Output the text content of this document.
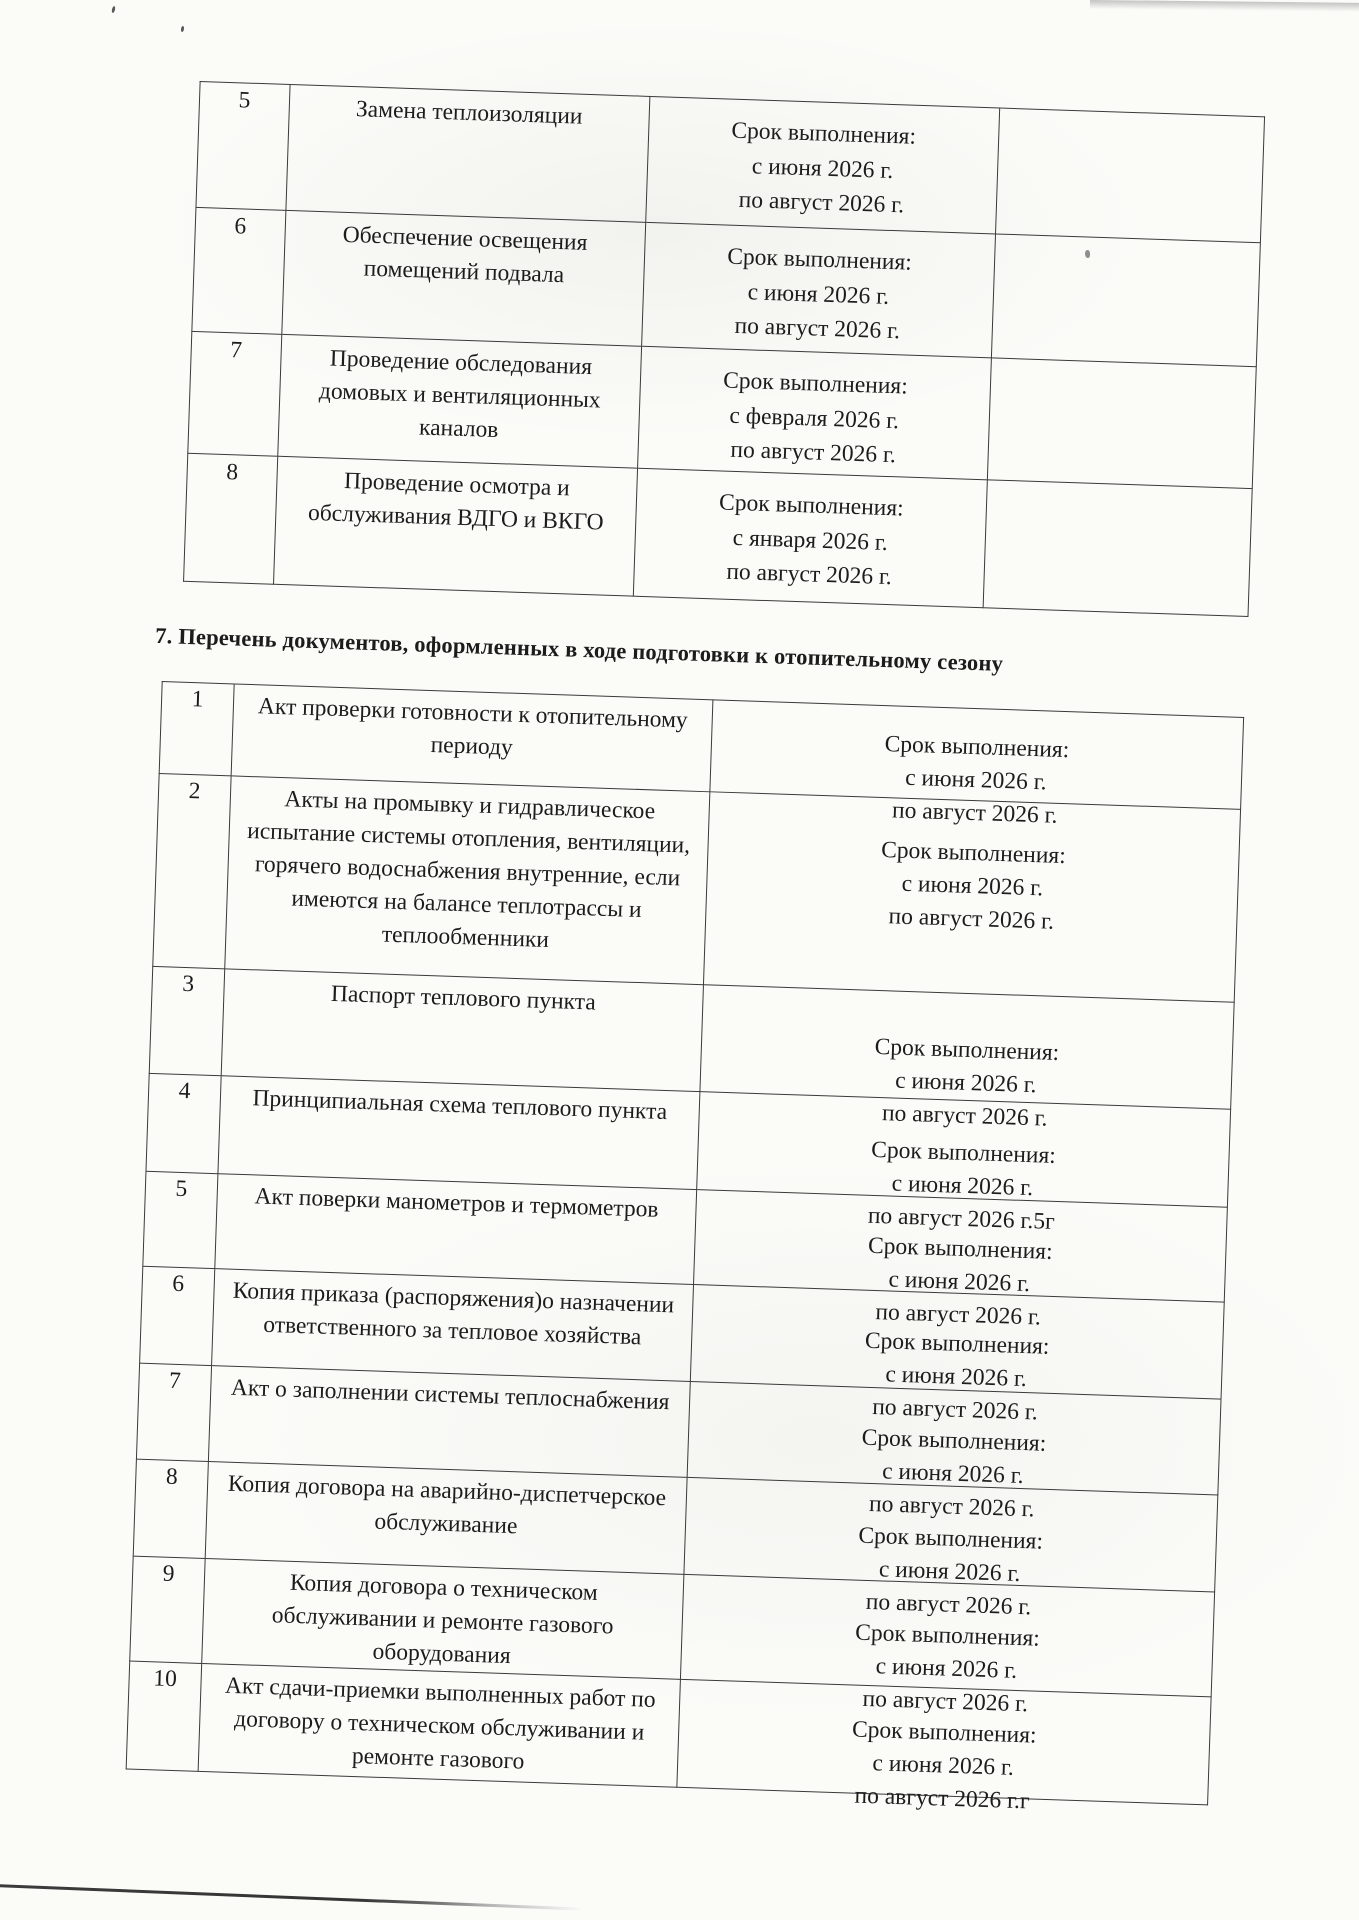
5	Замена теплоизоляции	Срок выполнения:
с июня 2026 г.
по август 2026 г.	

6	Обеспечение освещения помещений подвала	Срок выполнения:
с июня 2026 г.
по август 2026 г.	

7	Проведение обследования домовых и вентиляционных каналов	Срок выполнения:
с февраля 2026 г.
по август 2026 г.	

8	Проведение осмотра и обслуживания ВДГО и ВКГО	Срок выполнения:
с января 2026 г.
по август 2026 г.	

7. Перечень документов, оформленных в ходе подготовки к отопительному сезону
1	Акт проверки готовности к отопительному периоду	Срок выполнения:
с июня 2026 г.
по август 2026 г.

2	Акты на промывку и гидравлическое испытание системы отопления, вентиляции, горячего водоснабжения внутренние, если имеются на балансе теплотрассы и теплообменники	Срок выполнения:
с июня 2026 г.
по август 2026 г.

3	Паспорт теплового пункта	Срок выполнения:
с июня 2026 г.
по август 2026 г.

4	Принципиальная схема теплового пункта	Срок выполнения:
с июня 2026 г.
по август 2026 г.5г

5	Акт поверки манометров и термометров	Срок выполнения:
с июня 2026 г.
по август 2026 г.

6	Копия приказа (распоряжения)о назначении ответственного за тепловое хозяйства	Срок выполнения:
с июня 2026 г.
по август 2026 г.

7	Акт о заполнении системы теплоснабжения	Срок выполнения:
с июня 2026 г.
по август 2026 г.

8	Копия договора на аварийно-диспетчерское обслуживание	Срок выполнения:
с июня 2026 г.
по август 2026 г.

9	Копия договора о техническом обслуживании и ремонте газового оборудования	Срок выполнения:
с июня 2026 г.
по август 2026 г.

10	Акт сдачи-приемки выполненных работ по договору о техническом обслуживании и ремонте газового	Срок выполнения:
с июня 2026 г.
по август 2026 г.г
